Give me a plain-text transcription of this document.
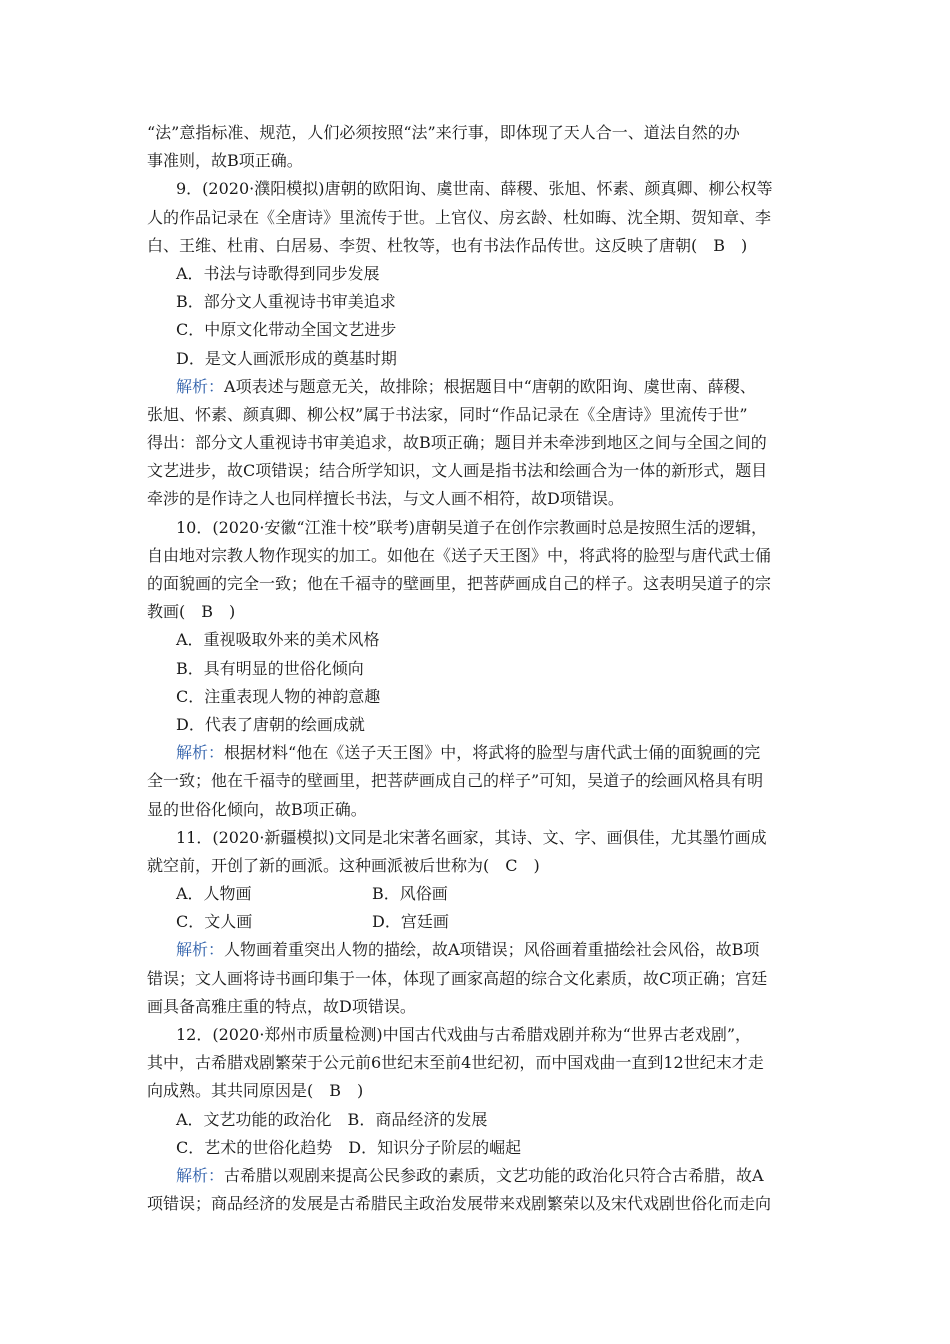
“法”意指标准、规范，人们必须按照“法”来行事，即体现了天人合一、道法自然的办
事准则，故B项正确。
9．(2020·濮阳模拟)唐朝的欧阳询、虞世南、薛稷、张旭、怀素、颜真卿、柳公权等
人的作品记录在《全唐诗》里流传于世。上官仪、房玄龄、杜如晦、沈全期、贺知章、李
白、王维、杜甫、白居易、李贺、杜牧等，也有书法作品传世。这反映了唐朝(　B　)
A．书法与诗歌得到同步发展
B．部分文人重视诗书审美追求
C．中原文化带动全国文艺进步
D．是文人画派形成的奠基时期
解析：A项表述与题意无关，故排除；根据题目中“唐朝的欧阳询、虞世南、薛稷、
张旭、怀素、颜真卿、柳公权”属于书法家，同时“作品记录在《全唐诗》里流传于世”
得出：部分文人重视诗书审美追求，故B项正确；题目并未牵涉到地区之间与全国之间的
文艺进步，故C项错误；结合所学知识，文人画是指书法和绘画合为一体的新形式，题目
牵涉的是作诗之人也同样擅长书法，与文人画不相符，故D项错误。
10．(2020·安徽“江淮十校”联考)唐朝吴道子在创作宗教画时总是按照生活的逻辑，
自由地对宗教人物作现实的加工。如他在《送子天王图》中，将武将的脸型与唐代武士俑
的面貌画的完全一致；他在千福寺的壁画里，把菩萨画成自己的样子。这表明吴道子的宗
教画(　B　)
A．重视吸取外来的美术风格
B．具有明显的世俗化倾向
C．注重表现人物的神韵意趣
D．代表了唐朝的绘画成就
解析：根据材料“他在《送子天王图》中，将武将的脸型与唐代武士俑的面貌画的完
全一致；他在千福寺的壁画里，把菩萨画成自己的样子”可知，吴道子的绘画风格具有明
显的世俗化倾向，故B项正确。
11．(2020·新疆模拟)文同是北宋著名画家，其诗、文、字、画俱佳，尤其墨竹画成
就空前，开创了新的画派。这种画派被后世称为(　C　)
A．人物画	B．风俗画
C．文人画	D．宫廷画
解析：人物画着重突出人物的描绘，故A项错误；风俗画着重描绘社会风俗，故B项
错误；文人画将诗书画印集于一体，体现了画家高超的综合文化素质，故C项正确；宫廷
画具备高雅庄重的特点，故D项错误。
12．(2020·郑州市质量检测)中国古代戏曲与古希腊戏剧并称为“世界古老戏剧”，
其中，古希腊戏剧繁荣于公元前6世纪末至前4世纪初，而中国戏曲一直到12世纪末才走
向成熟。其共同原因是(　B　)
A．文艺功能的政治化　B．商品经济的发展
C．艺术的世俗化趋势　D．知识分子阶层的崛起
解析：古希腊以观剧来提高公民参政的素质，文艺功能的政治化只符合古希腊，故A
项错误；商品经济的发展是古希腊民主政治发展带来戏剧繁荣以及宋代戏剧世俗化而走向
